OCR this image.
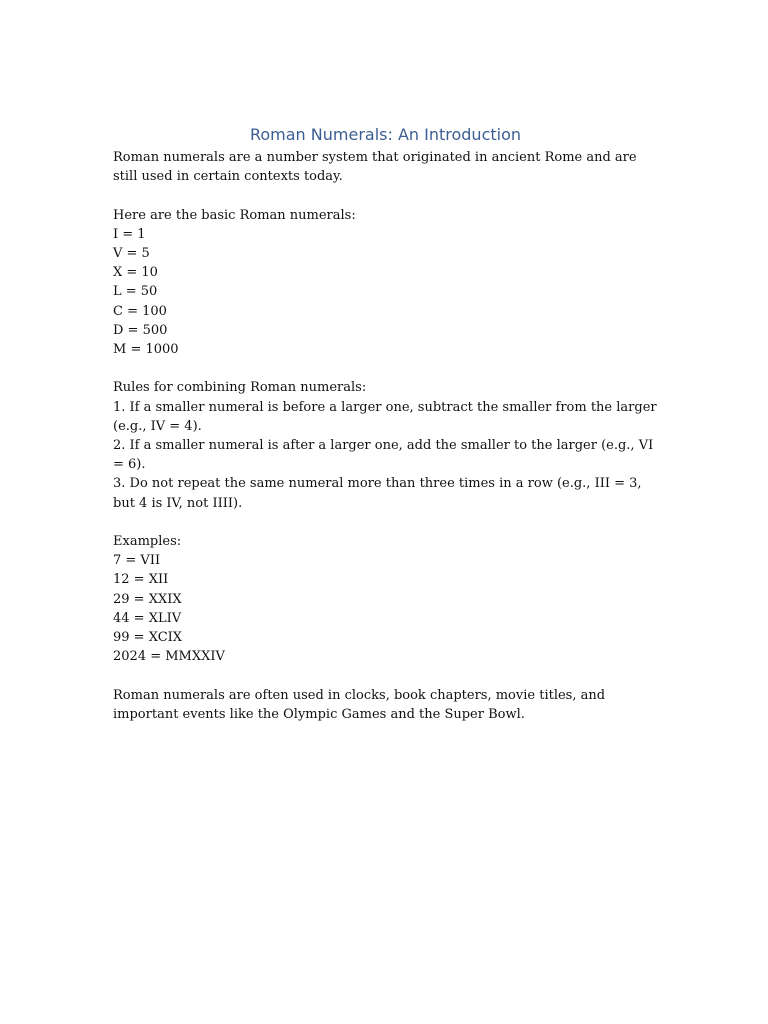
Roman Numerals: An Introduction

Roman numerals are a number system that originated in ancient Rome and are still used in certain contexts today.

Here are the basic Roman numerals:

I = 1
V = 5
X = 10
L = 50
C = 100
D = 500
M = 1000

Rules for combining Roman numerals:

1. If a smaller numeral is before a larger one, subtract the smaller from the larger (e.g., IV = 4).

2. If a smaller numeral is after a larger one, add the smaller to the larger (e.g., VI = 6).

3. Do not repeat the same numeral more than three times in a row (e.g., III = 3, but 4 is IV, not IIII).

Examples:

7 = VII
12 = XII
29 = XXIX
44 = XLIV
99 = XCIX
2024 = MMXXIV

Roman numerals are often used in clocks, book chapters, movie titles, and important events like the Olympic Games and the Super Bowl.
